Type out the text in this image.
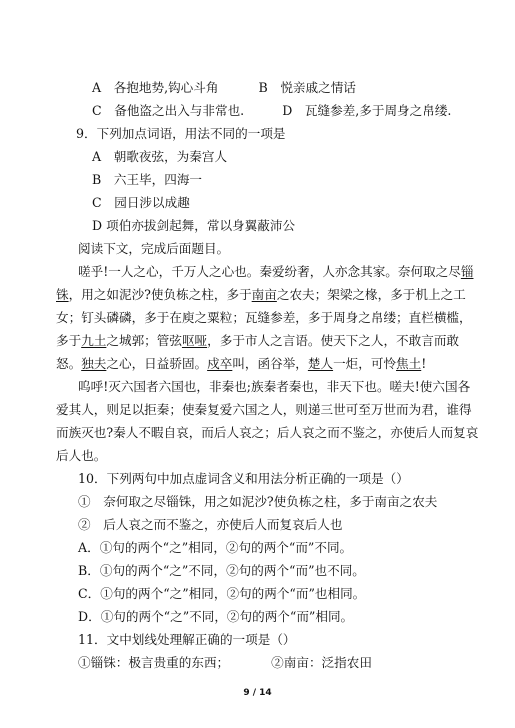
A　各抱地势,钩心斗角	B　悦亲戚之情话
C　备他盗之出入与非常也.	D　瓦缝参差,多于周身之帛缕.
9．下列加点词语，用法不同的一项是
A　朝歌夜弦，为秦宫人
B　六王毕，四海一
C　园日涉以成趣
D 项伯亦拔剑起舞，常以身翼蔽沛公
阅读下文，完成后面题目。
嗟乎!一人之心，千万人之心也。秦爱纷奢，人亦念其家。奈何取之尽锱
铢，用之如泥沙?使负栋之柱，多于南亩之农夫；架梁之椽，多于机上之工
女；钉头磷磷，多于在庾之粟粒；瓦缝参差，多于周身之帛缕；直栏横槛，
多于九土之城郭；管弦呕哑，多于市人之言语。使天下之人，不敢言而敢
怒。独夫之心，日益骄固。戍卒叫，函谷举，楚人一炬，可怜焦土!
呜呼!灭六国者六国也，非秦也;族秦者秦也，非天下也。嗟夫!使六国各
爱其人，则足以拒秦；使秦复爱六国之人，则递三世可至万世而为君，谁得
而族灭也?秦人不暇自哀，而后人哀之；后人哀之而不鉴之，亦使后人而复哀
后人也。
10．下列两句中加点虚词含义和用法分析正确的一项是（）
①　奈何取之尽锱铢，用之如泥沙?使负栋之柱，多于南亩之农夫
②　后人哀之而不鉴之，亦使后人而复哀后人也
A．①句的两个“之”相同，②句的两个“而”不同。
B．①句的两个“之”不同，②句的两个“而”也不同。
C．①句的两个“之”相同，②句的两个“而”也相同。
D．①句的两个“之”不同，②句的两个“而”相同。
11．文中划线处理解正确的一项是（）
①锱铢：极言贵重的东西；	②南亩：泛指农田
9 / 14
